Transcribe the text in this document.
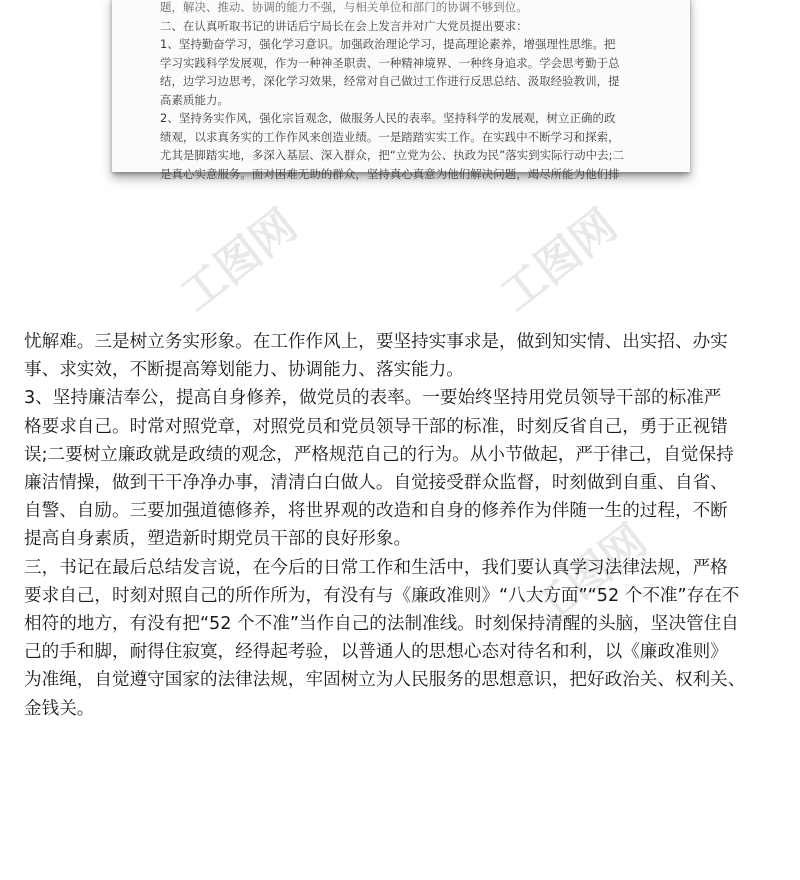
题，解决、推动、协调的能力不强，与相关单位和部门的协调不够到位。
二、在认真听取书记的讲话后宁局长在会上发言并对广大党员提出要求：
1、坚持勤奋学习，强化学习意识。加强政治理论学习，提高理论素养，增强理性思维。把
学习实践科学发展观，作为一种神圣职责、一种精神境界、一种终身追求。学会思考勤于总
结，边学习边思考，深化学习效果，经常对自己做过工作进行反思总结、汲取经验教训，提
高素质能力。
2、坚持务实作风，强化宗旨观念，做服务人民的表率。坚持科学的发展观，树立正确的政
绩观，以求真务实的工作作风来创造业绩。一是踏踏实实工作。在实践中不断学习和探索，
尤其是脚踏实地，多深入基层、深入群众，把“立党为公、执政为民”落实到实际行动中去;二
是真心实意服务。面对困难无助的群众，坚持真心真意为他们解决问题，竭尽所能为他们排
工图网	工图网
工图网
忧解难。三是树立务实形象。在工作作风上，要坚持实事求是，做到知实情、出实招、办实
事、求实效，不断提高筹划能力、协调能力、落实能力。
3、坚持廉洁奉公，提高自身修养，做党员的表率。一要始终坚持用党员领导干部的标准严
格要求自己。时常对照党章，对照党员和党员领导干部的标准，时刻反省自己，勇于正视错
误;二要树立廉政就是政绩的观念，严格规范自己的行为。从小节做起，严于律己，自觉保持
廉洁情操，做到干干净净办事，清清白白做人。自觉接受群众监督，时刻做到自重、自省、
自警、自励。三要加强道德修养，将世界观的改造和自身的修养作为伴随一生的过程，不断
提高自身素质，塑造新时期党员干部的良好形象。
三，书记在最后总结发言说，在今后的日常工作和生活中，我们要认真学习法律法规，严格
要求自己，时刻对照自己的所作所为，有没有与《廉政准则》“八大方面”“52 个不准”存在不
相符的地方，有没有把“52 个不准”当作自己的法制准线。时刻保持清醒的头脑，坚决管住自
己的手和脚，耐得住寂寞，经得起考验，以普通人的思想心态对待名和利，以《廉政准则》
为准绳，自觉遵守国家的法律法规，牢固树立为人民服务的思想意识，把好政治关、权利关、
金钱关。
